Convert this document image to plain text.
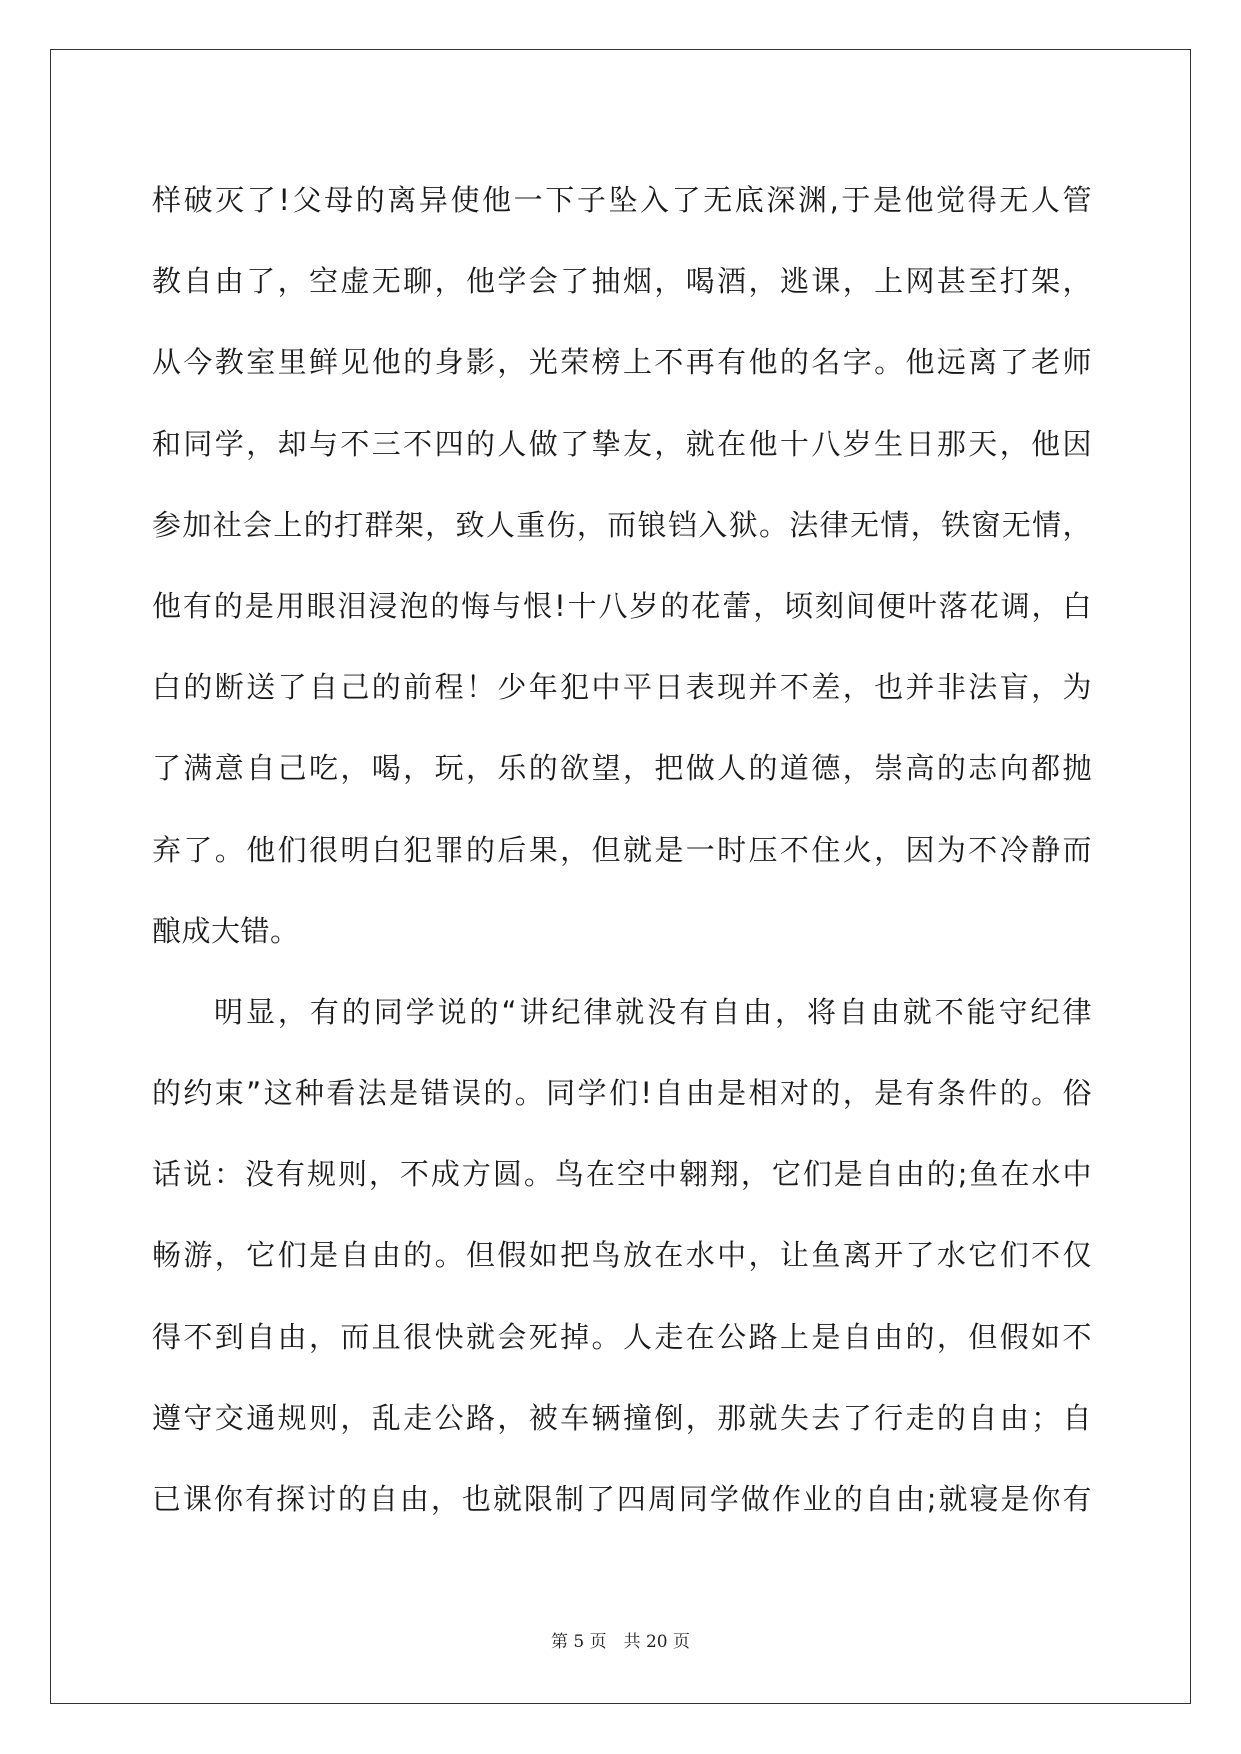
样破灭了!父母的离异使他一下子坠入了无底深渊,于是他觉得无人管
教自由了，空虚无聊，他学会了抽烟，喝酒，逃课，上网甚至打架，
从今教室里鲜见他的身影，光荣榜上不再有他的名字。他远离了老师
和同学，却与不三不四的人做了挚友，就在他十八岁生日那天，他因
参加社会上的打群架，致人重伤，而锒铛入狱。法律无情，铁窗无情，
他有的是用眼泪浸泡的悔与恨!十八岁的花蕾，顷刻间便叶落花调，白
白的断送了自己的前程！少年犯中平日表现并不差，也并非法盲，为
了满意自己吃，喝，玩，乐的欲望，把做人的道德，崇高的志向都抛
弃了。他们很明白犯罪的后果，但就是一时压不住火，因为不冷静而
酿成大错。
明显，有的同学说的“讲纪律就没有自由，将自由就不能守纪律
的约束”这种看法是错误的。同学们!自由是相对的，是有条件的。俗
话说：没有规则，不成方圆。鸟在空中翱翔，它们是自由的;鱼在水中
畅游，它们是自由的。但假如把鸟放在水中，让鱼离开了水它们不仅
得不到自由，而且很快就会死掉。人走在公路上是自由的，但假如不
遵守交通规则，乱走公路，被车辆撞倒，那就失去了行走的自由；自
已课你有探讨的自由，也就限制了四周同学做作业的自由;就寝是你有
第 5 页　共 20 页
